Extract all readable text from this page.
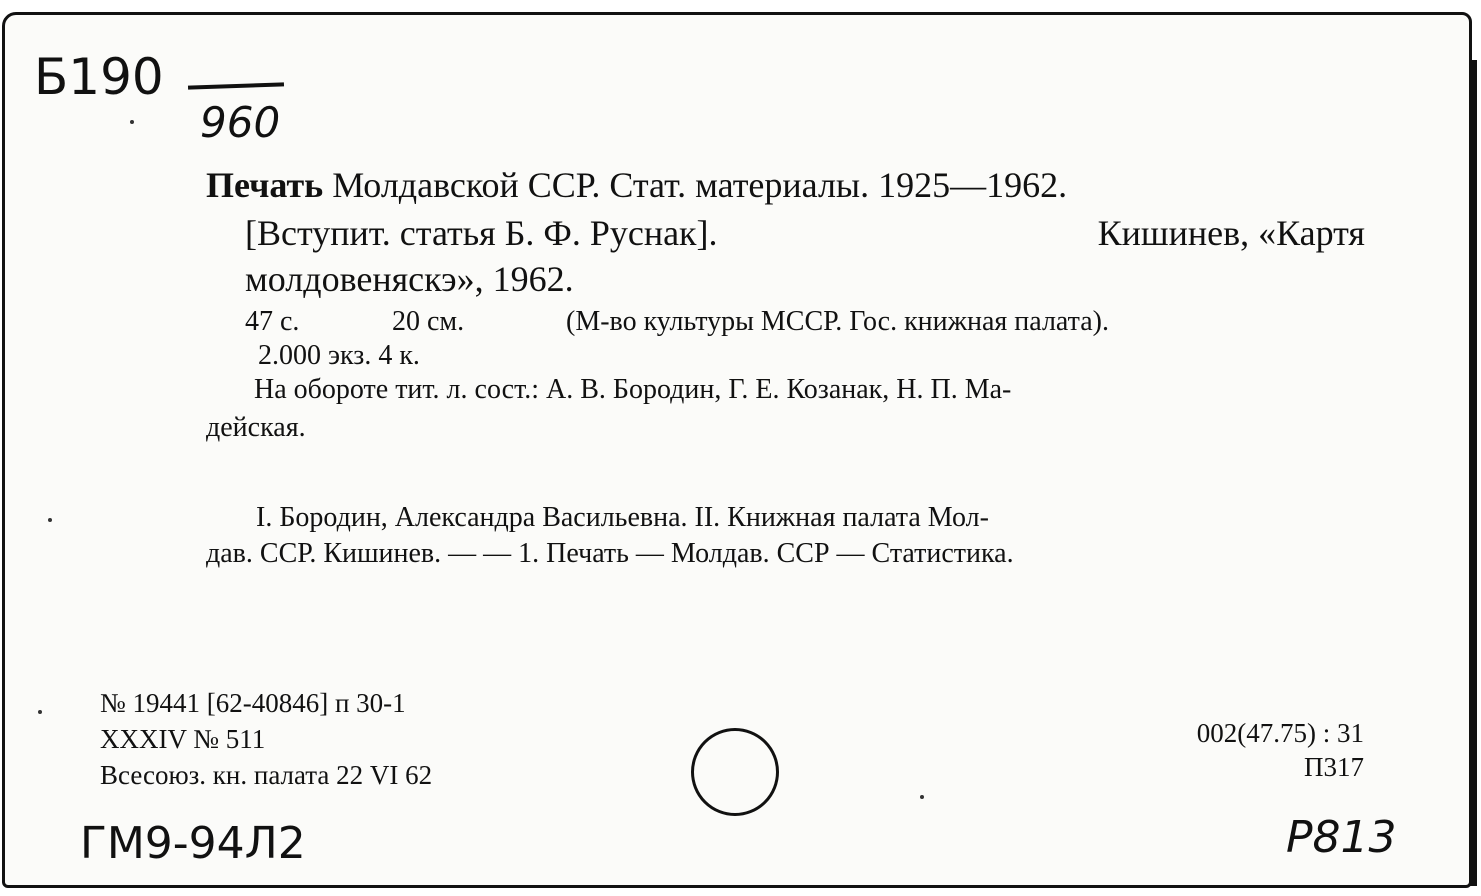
Б190
960
Печать Молдавской ССР. Стат. материалы. 1925—1962.
[Вступит. статья Б. Ф. Руснак].	Кишинев, «Картя
молдовеняскэ», 1962.
47 с.	20 см.	(М-во культуры МССР. Гос. книжная палата).
2.000 экз. 4 к.
На обороте тит. л. сост.: А. В. Бородин, Г. Е. Козанак, Н. П. Ма-
дейская.
I. Бородин, Александра Васильевна. II. Книжная палата Мол-
дав. ССР. Кишинев. — — 1. Печать — Молдав. ССР — Статистика.
№ 19441 [62-40846] п 30-1
XXXIV № 511
Всесоюз. кн. палата 22 VI 62
002(47.75) : 31
П317
ГМ9-94Л2	Р813
